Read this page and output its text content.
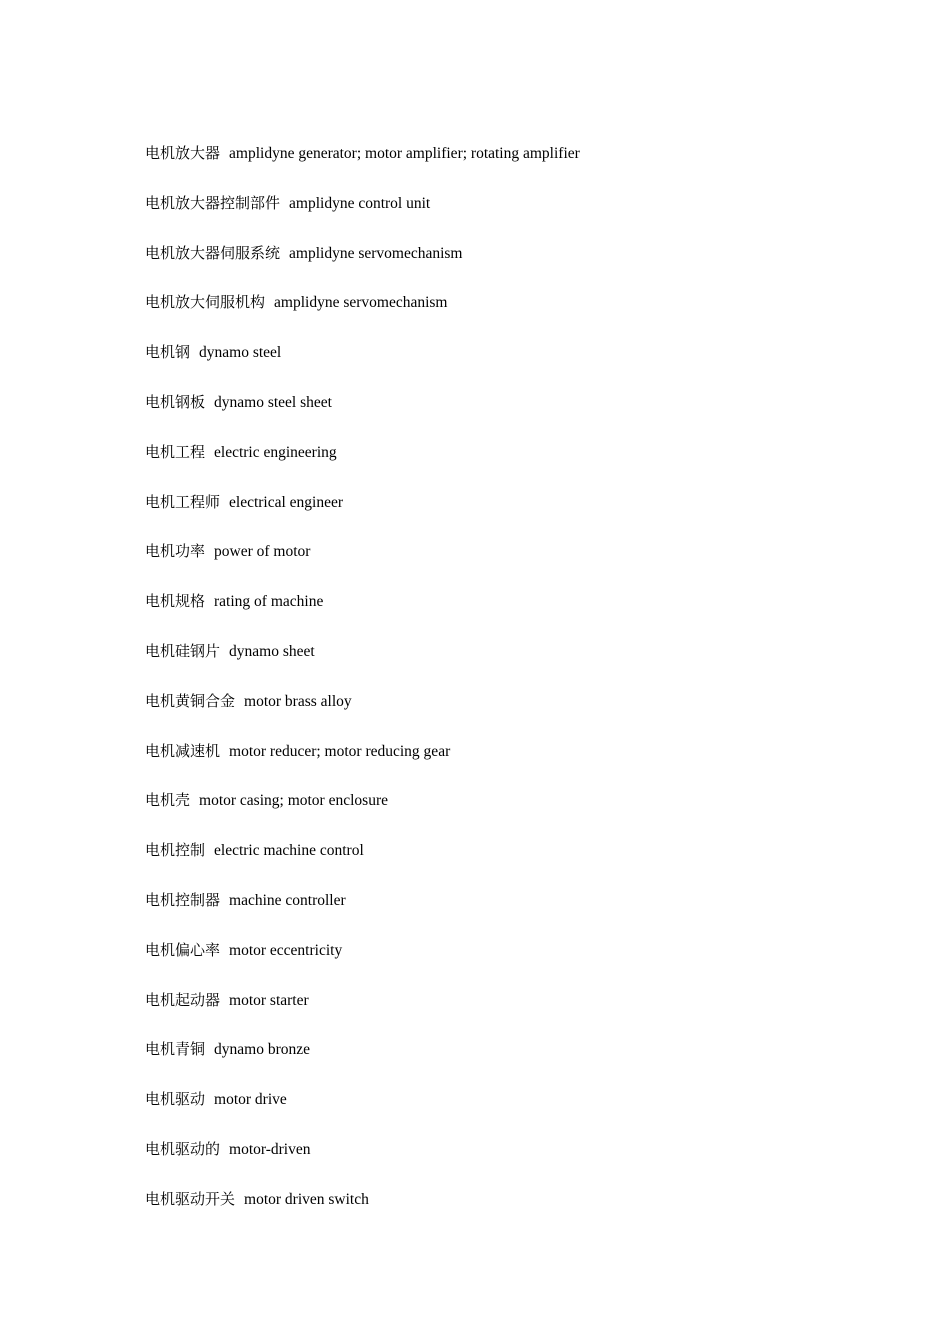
电机放大器 amplidyne generator; motor amplifier; rotating amplifier
电机放大器控制部件 amplidyne control unit
电机放大器伺服系统 amplidyne servomechanism
电机放大伺服机构 amplidyne servomechanism
电机钢 dynamo steel
电机钢板 dynamo steel sheet
电机工程 electric engineering
电机工程师 electrical engineer
电机功率 power of motor
电机规格 rating of machine
电机硅钢片 dynamo sheet
电机黄铜合金 motor brass alloy
电机减速机 motor reducer; motor reducing gear
电机壳 motor casing; motor enclosure
电机控制 electric machine control
电机控制器 machine controller
电机偏心率 motor eccentricity
电机起动器 motor starter
电机青铜 dynamo bronze
电机驱动 motor drive
电机驱动的 motor-driven
电机驱动开关 motor driven switch
